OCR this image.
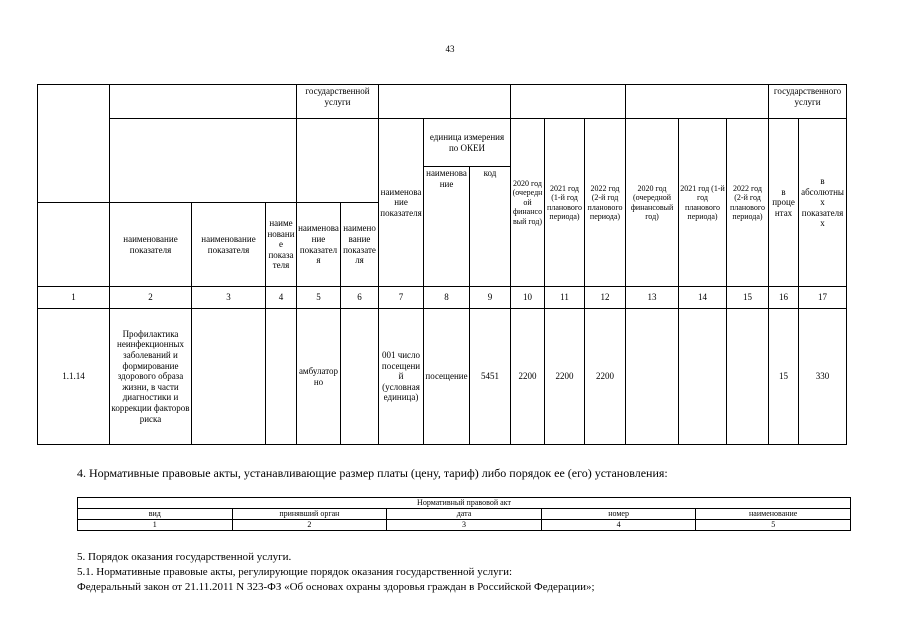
43
				государственной услуги											государственного услуги	
						наименование показателя	единица измерения по ОКЕИ		2020 год (очередной финансовый год)	2021 год (1-й год планового периода)	2022 год (2-й год планового периода)	2020 год (очередной финансовый год)	2021 год (1-й год планового периода)	2022 год (2-й год планового периода)	в процентах	в абсолютных показателях
							наименование	код								
	наименование показателя	наименование показателя	наименование показателя	наименование показателя	наименование показателя											
1	2	3	4	5	6	7	8	9	10	11	12	13	14	15	16	17
1.1.14	Профилактика неинфекционных заболеваний и формирование здорового образа жизни, в части диагностики и коррекции факторов риска			амбулаторно		001 число посещений (условная единица)	посещение	5451	2200	2200	2200				15	330
4. Нормативные правовые акты, устанавливающие размер платы (цену, тариф) либо порядок ее (его) установления:
Нормативный правовой акт				
вид	принявший орган	дата	номер	наименование
1	2	3	4	5
5. Порядок оказания государственной услуги.
5.1. Нормативные правовые акты, регулирующие порядок оказания государственной услуги:
Федеральный закон от 21.11.2011 N 323-ФЗ «Об основах охраны здоровья граждан в Российской Федерации»;
